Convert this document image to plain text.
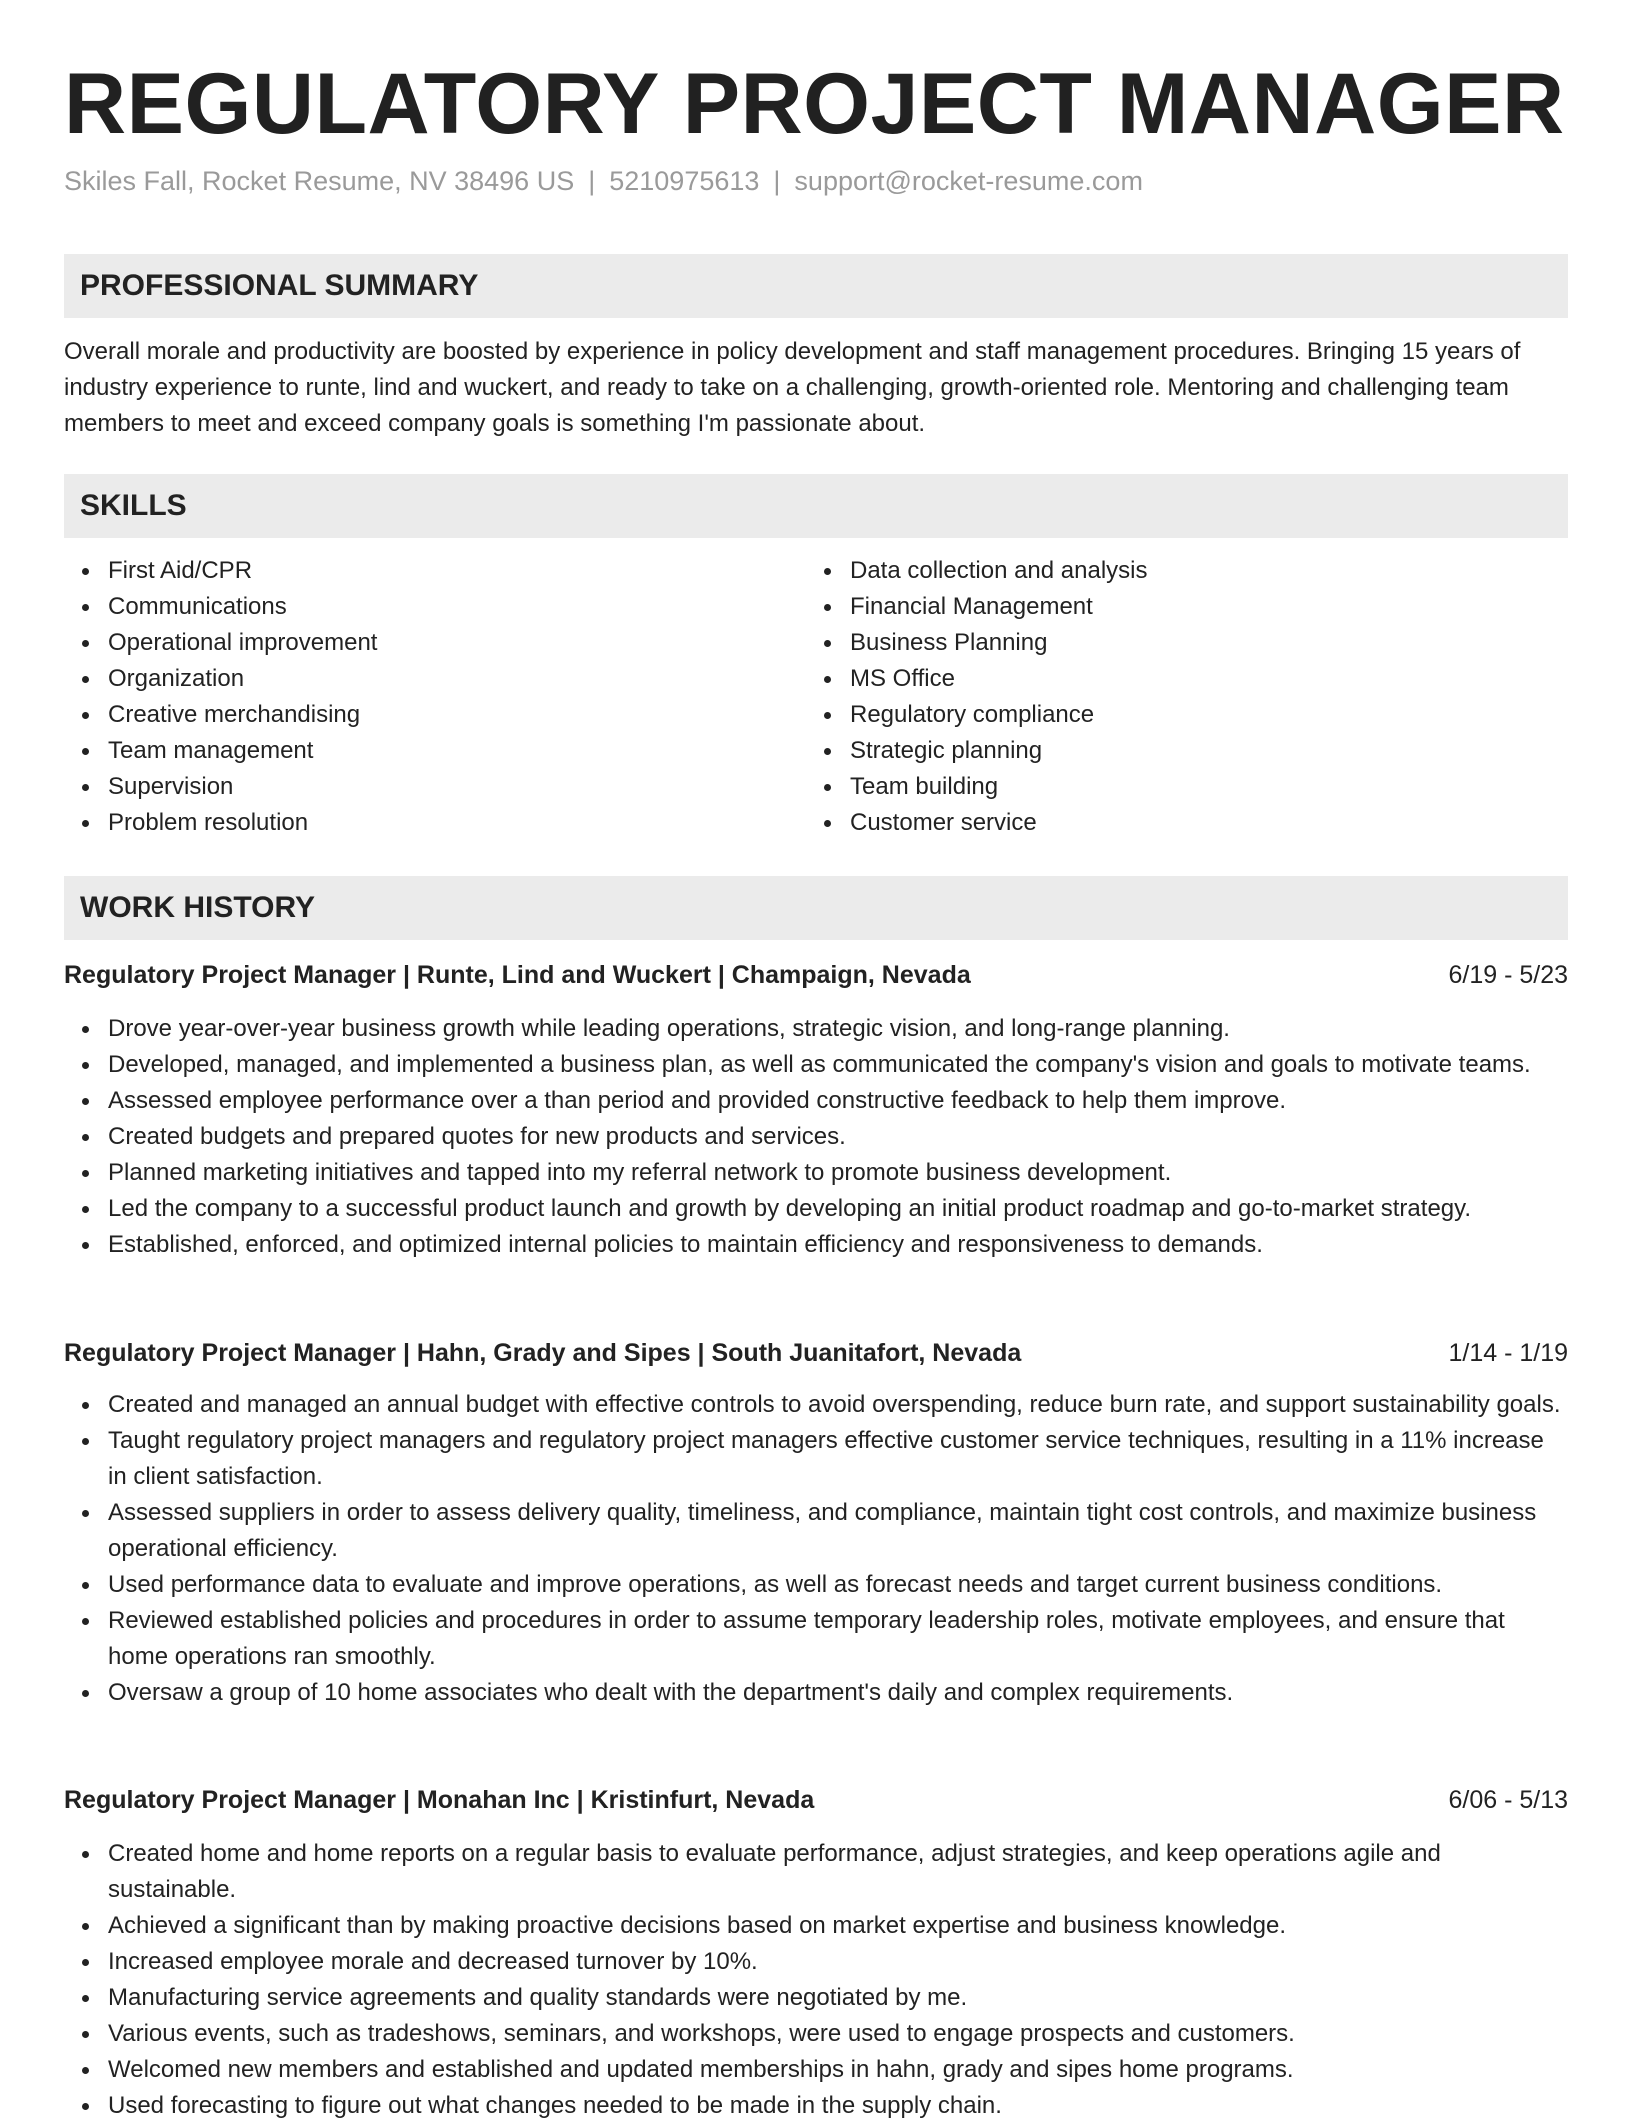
REGULATORY PROJECT MANAGER
Skiles Fall, Rocket Resume, NV 38496 US | 5210975613 | support@rocket-resume.com
PROFESSIONAL SUMMARY

Overall morale and productivity are boosted by experience in policy development and staff management procedures. Bringing 15 years of industry experience to runte, lind and wuckert, and ready to take on a challenging, growth-oriented role. Mentoring and challenging team members to meet and exceed company goals is something I'm passionate about.

SKILLS
First Aid/CPR
Communications
Operational improvement
Organization
Creative merchandising
Team management
Supervision
Problem resolution
Data collection and analysis
Financial Management
Business Planning
MS Office
Regulatory compliance
Strategic planning
Team building
Customer service
WORK HISTORY
Regulatory Project Manager | Runte, Lind and Wuckert | Champaign, Nevada	6/19 - 5/23
Drove year-over-year business growth while leading operations, strategic vision, and long-range planning.
Developed, managed, and implemented a business plan, as well as communicated the company's vision and goals to motivate teams.
Assessed employee performance over a than period and provided constructive feedback to help them improve.
Created budgets and prepared quotes for new products and services.
Planned marketing initiatives and tapped into my referral network to promote business development.
Led the company to a successful product launch and growth by developing an initial product roadmap and go-to-market strategy.
Established, enforced, and optimized internal policies to maintain efficiency and responsiveness to demands.
Regulatory Project Manager | Hahn, Grady and Sipes | South Juanitafort, Nevada	1/14 - 1/19
Created and managed an annual budget with effective controls to avoid overspending, reduce burn rate, and support sustainability goals.
Taught regulatory project managers and regulatory project managers effective customer service techniques, resulting in a 11% increase in client satisfaction.
Assessed suppliers in order to assess delivery quality, timeliness, and compliance, maintain tight cost controls, and maximize business operational efficiency.
Used performance data to evaluate and improve operations, as well as forecast needs and target current business conditions.
Reviewed established policies and procedures in order to assume temporary leadership roles, motivate employees, and ensure that home operations ran smoothly.
Oversaw a group of 10 home associates who dealt with the department's daily and complex requirements.
Regulatory Project Manager | Monahan Inc | Kristinfurt, Nevada	6/06 - 5/13
Created home and home reports on a regular basis to evaluate performance, adjust strategies, and keep operations agile and sustainable.
Achieved a significant than by making proactive decisions based on market expertise and business knowledge.
Increased employee morale and decreased turnover by 10%.
Manufacturing service agreements and quality standards were negotiated by me.
Various events, such as tradeshows, seminars, and workshops, were used to engage prospects and customers.
Welcomed new members and established and updated memberships in hahn, grady and sipes home programs.
Used forecasting to figure out what changes needed to be made in the supply chain.
